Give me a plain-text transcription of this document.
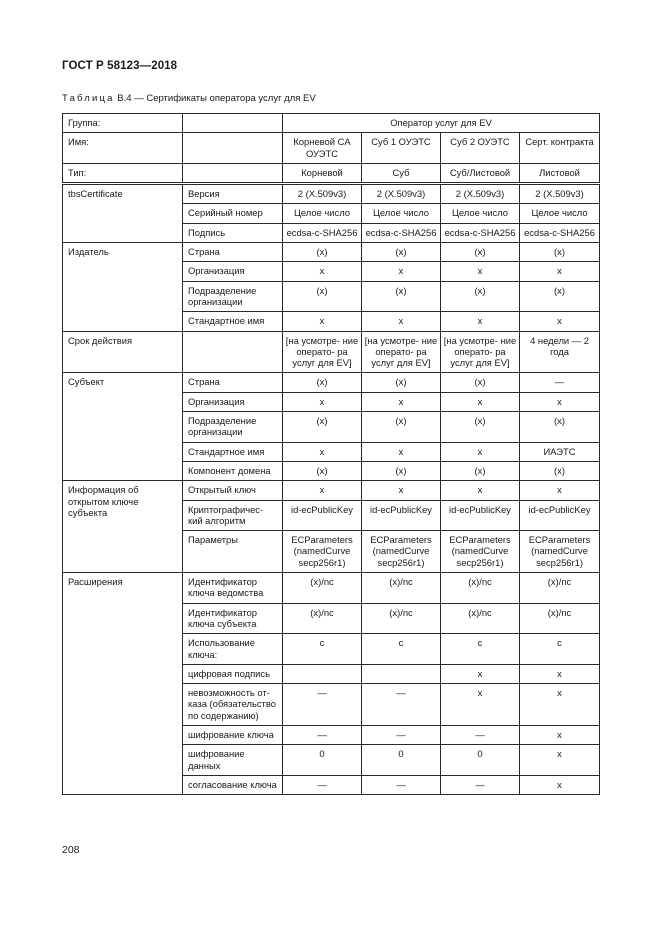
ГОСТ Р 58123—2018
Таблица В.4 — Сертификаты оператора услуг для EV
Группа:		Оператор услуг для EV			
Имя:		Корневой CA ОУЭТС	Суб 1 ОУЭТС	Суб 2 ОУЭТС	Серт. контракта
Тип:		Корневой	Суб	Суб/Листовой	Листовой
tbsCertificate	Версия	2 (X.509v3)	2 (X.509v3)	2 (X.509v3)	2 (X.509v3)
	Серийный номер	Целое число	Целое число	Целое число	Целое число
	Подпись	ecdsa-c-SHA256	ecdsa-c-SHA256	ecdsa-c-SHA256	ecdsa-c-SHA256
Издатель	Страна	(x)	(x)	(x)	(x)
	Организация	x	x	x	x
	Подразделение организации	(x)	(x)	(x)	(x)
	Стандартное имя	x	x	x	x
Срок действия		[на усмотре- ние операто- ра услуг для EV]	[на усмотре- ние операто- ра услуг для EV]	[на усмотре- ние операто- ра услуг для EV]	4 недели — 2 года
Субъект	Страна	(x)	(x)	(x)	—
	Организация	x	x	x	x
	Подразделение организации	(x)	(x)	(x)	(x)
	Стандартное имя	x	x	x	ИАЭТС
	Компонент домена	(x)	(x)	(x)	(x)
Информация об открытом ключе субъекта	Открытый ключ	x	x	x	x
	Криптографичес- кий алгоритм	id-ecPublicKey	id-ecPublicKey	id-ecPublicKey	id-ecPublicKey
	Параметры	ECParameters (namedCurve secp256r1)	ECParameters (namedCurve secp256r1)	ECParameters (namedCurve secp256r1)	ECParameters (namedCurve secp256r1)
Расширения	Идентификатор ключа ведомства	(x)/nc	(x)/nc	(x)/nc	(x)/nc
	Идентификатор ключа субъекта	(x)/nc	(x)/nc	(x)/nc	(x)/nc
	Использование ключа:	c	c	c	c
	цифровая подпись			x	x
	невозможность от- каза (обязательство по содержанию)	—	—	x	x
	шифрование ключа	—	—	—	x
	шифрование данных	0	0	0	x
	согласование ключа	—	—	—	x
208
